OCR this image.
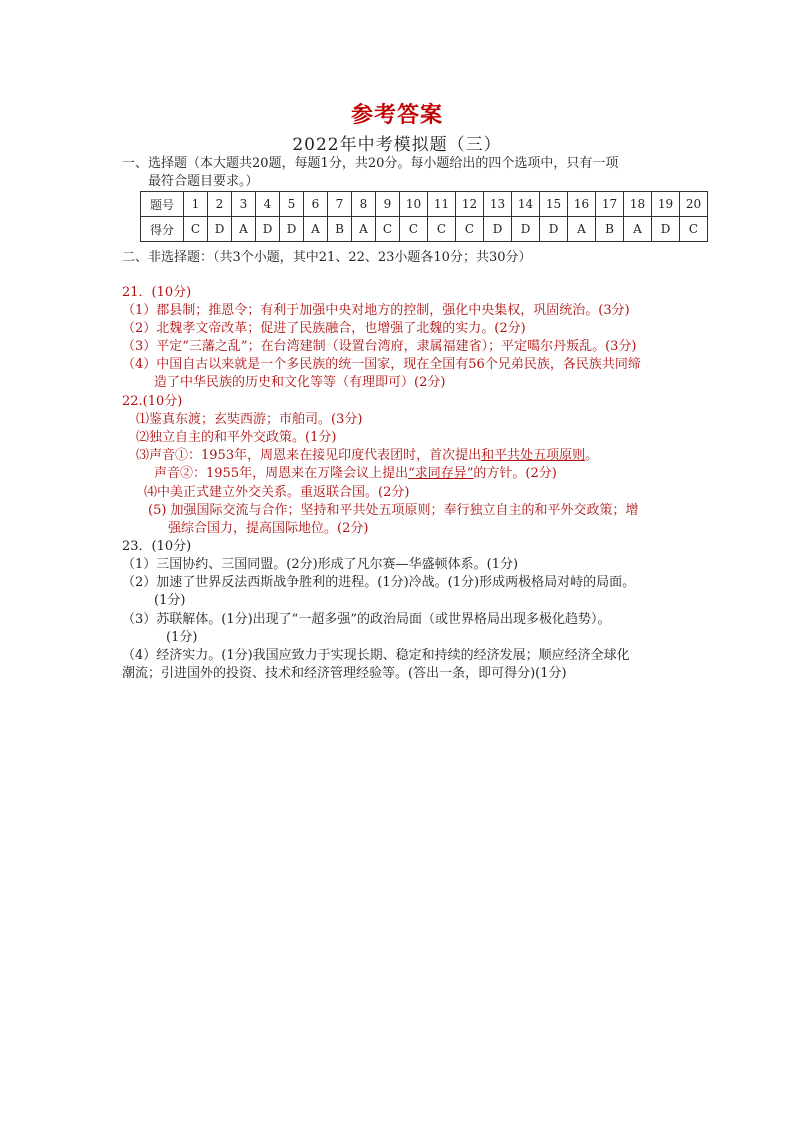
参考答案
2022年中考模拟题（三）
一、选择题（本大题共20题，每题1分，共20分。每小题给出的四个选项中，只有一项
最符合题目要求。）
题号	1	2	3	4	5	6	7	8	9	10	11	12	13	14	15	16	17	18	19	20
得分	C	D	A	D	D	A	B	A	C	C	C	C	D	D	D	A	B	A	D	C
二、非选择题：（共3个小题，其中21、22、23小题各10分；共30分）
21．(10分)
（1）郡县制；推恩令；有利于加强中央对地方的控制，强化中央集权，巩固统治。(3分)
（2）北魏孝文帝改革；促进了民族融合，也增强了北魏的实力。(2分)
（3）平定“三藩之乱”；在台湾建制（设置台湾府，隶属福建省）；平定噶尔丹叛乱。(3分)
（4）中国自古以来就是一个多民族的统一国家，现在全国有56个兄弟民族，各民族共同缔
造了中华民族的历史和文化等等（有理即可）(2分)
22.(10分)
⑴鉴真东渡；玄奘西游；市舶司。(3分)
⑵独立自主的和平外交政策。(1分)
⑶声音①：1953年，周恩来在接见印度代表团时，首次提出和平共处五项原则。
声音②：1955年，周恩来在万隆会议上提出“求同存异”的方针。(2分)
⑷中美正式建立外交关系。重返联合国。(2分)
(5) 加强国际交流与合作；坚持和平共处五项原则；奉行独立自主的和平外交政策；增
强综合国力，提高国际地位。(2分)
23．(10分)
（1）三国协约、三国同盟。(2分)形成了凡尔赛—华盛顿体系。(1分)
（2）加速了世界反法西斯战争胜利的进程。(1分)冷战。(1分)形成两极格局对峙的局面。
(1分)
（3）苏联解体。(1分)出现了“一超多强”的政治局面（或世界格局出现多极化趋势）。
(1分)
（4）经济实力。(1分)我国应致力于实现长期、稳定和持续的经济发展；顺应经济全球化
潮流；引进国外的投资、技术和经济管理经验等。(答出一条，即可得分)(1分)
